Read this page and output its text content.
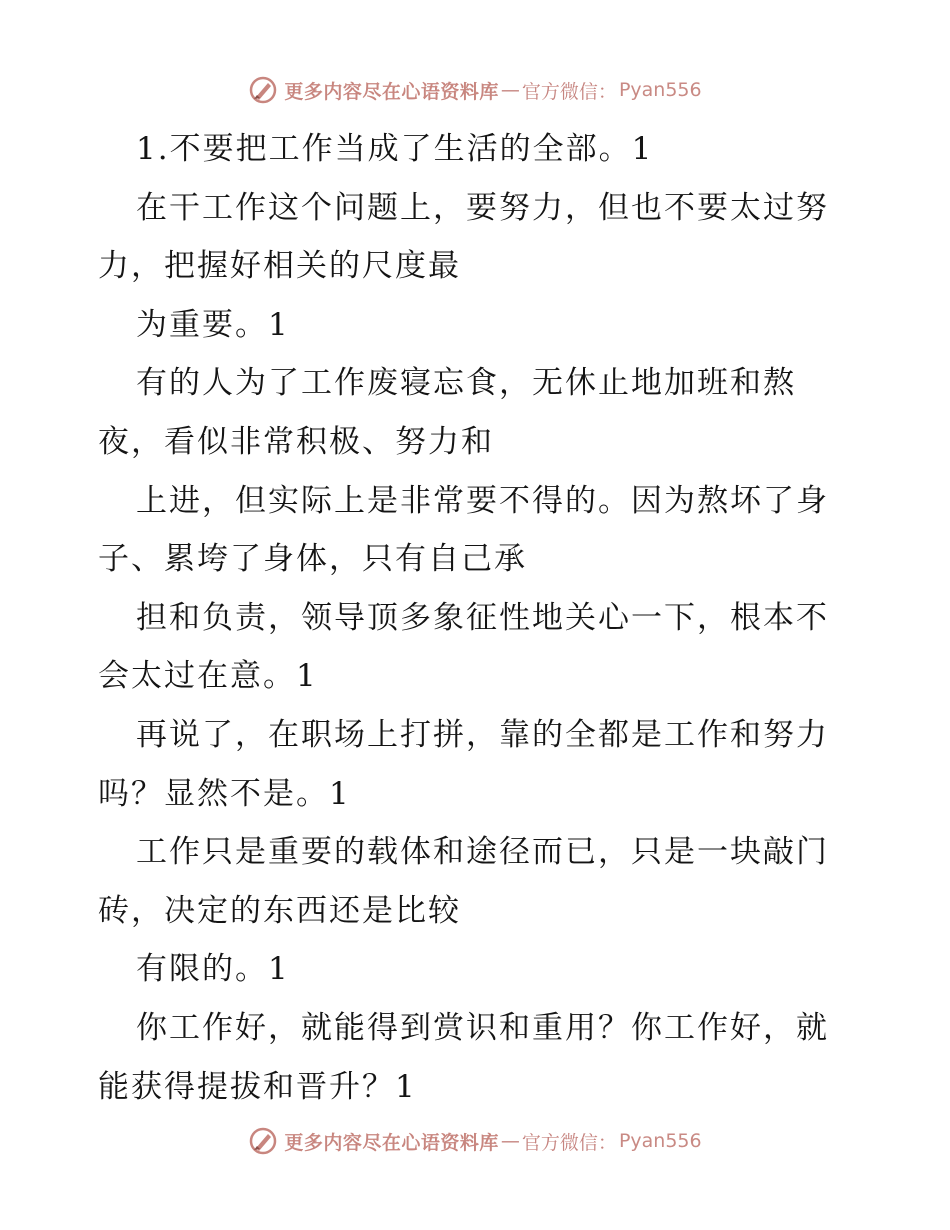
更多内容尽在心语资料库 — 官方微信： Pyan556
1.不要把工作当成了生活的全部。1
在干工作这个问题上，要努力，但也不要太过努
力，把握好相关的尺度最
为重要。1
有的人为了工作废寝忘食，无休止地加班和熬
夜，看似非常积极、努力和
上进，但实际上是非常要不得的。因为熬坏了身
子、累垮了身体，只有自己承
担和负责，领导顶多象征性地关心一下，根本不
会太过在意。1
再说了，在职场上打拼，靠的全都是工作和努力
吗？显然不是。1
工作只是重要的载体和途径而已，只是一块敲门
砖，决定的东西还是比较
有限的。1
你工作好，就能得到赏识和重用？你工作好，就
能获得提拔和晋升？1
更多内容尽在心语资料库 — 官方微信： Pyan556
